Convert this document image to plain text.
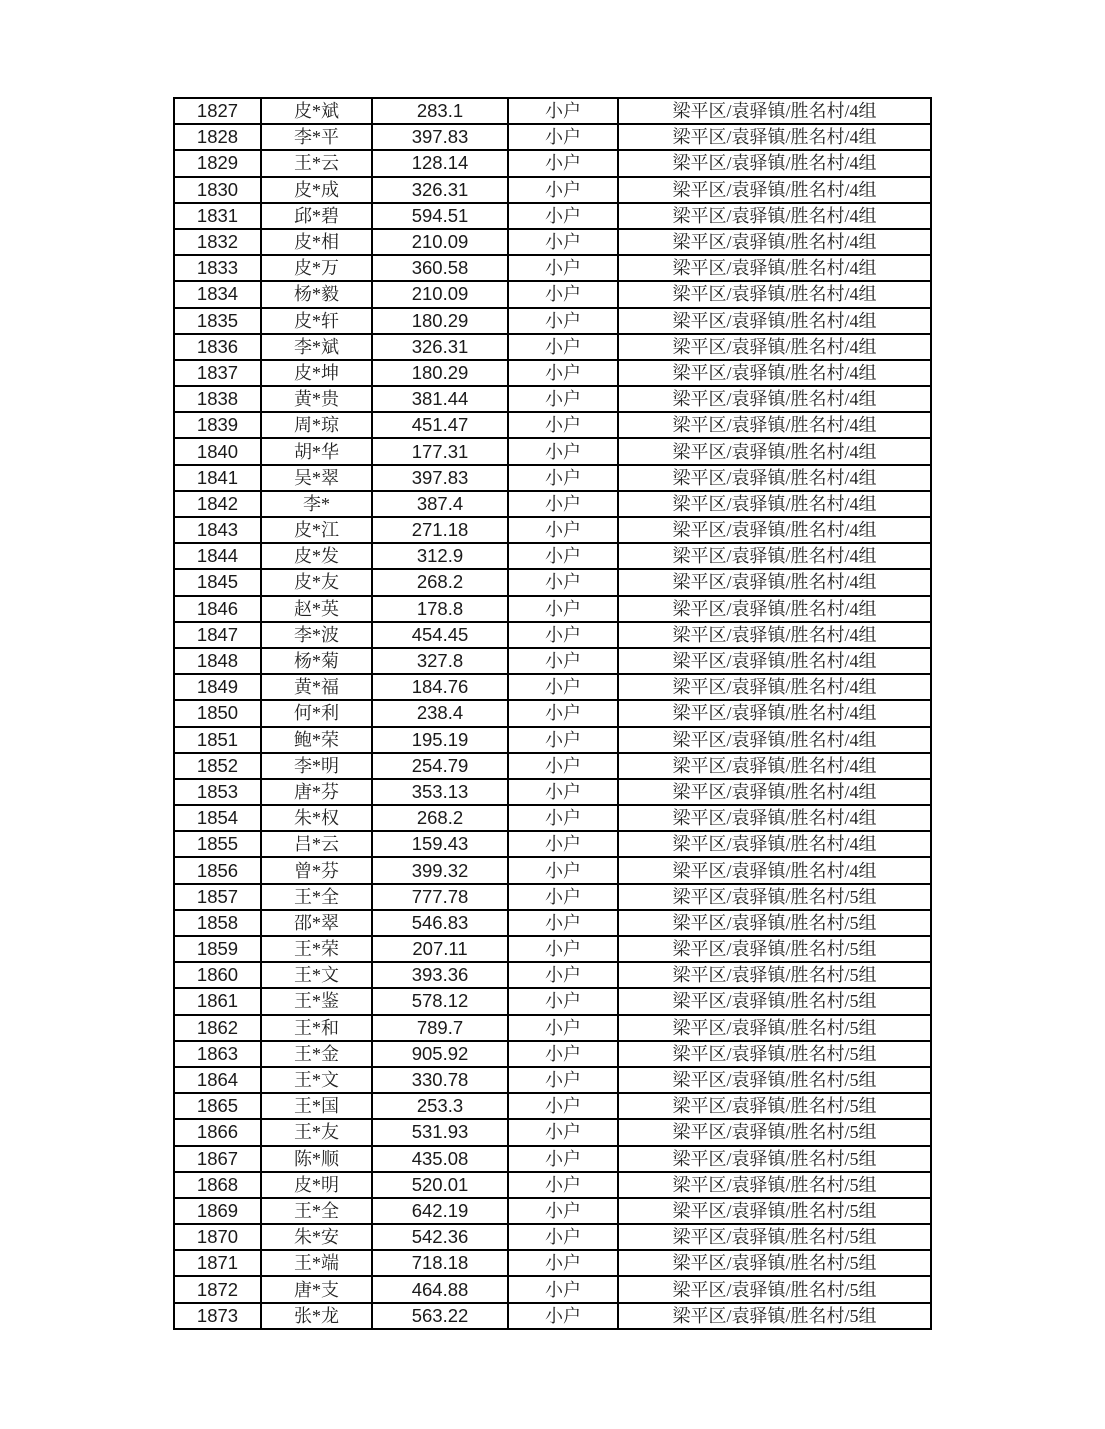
1827	皮*斌	283.1	小户	梁平区/袁驿镇/胜名村/4组
1828	李*平	397.83	小户	梁平区/袁驿镇/胜名村/4组
1829	王*云	128.14	小户	梁平区/袁驿镇/胜名村/4组
1830	皮*成	326.31	小户	梁平区/袁驿镇/胜名村/4组
1831	邱*碧	594.51	小户	梁平区/袁驿镇/胜名村/4组
1832	皮*相	210.09	小户	梁平区/袁驿镇/胜名村/4组
1833	皮*万	360.58	小户	梁平区/袁驿镇/胜名村/4组
1834	杨*毅	210.09	小户	梁平区/袁驿镇/胜名村/4组
1835	皮*轩	180.29	小户	梁平区/袁驿镇/胜名村/4组
1836	李*斌	326.31	小户	梁平区/袁驿镇/胜名村/4组
1837	皮*坤	180.29	小户	梁平区/袁驿镇/胜名村/4组
1838	黄*贵	381.44	小户	梁平区/袁驿镇/胜名村/4组
1839	周*琼	451.47	小户	梁平区/袁驿镇/胜名村/4组
1840	胡*华	177.31	小户	梁平区/袁驿镇/胜名村/4组
1841	吴*翠	397.83	小户	梁平区/袁驿镇/胜名村/4组
1842	李*	387.4	小户	梁平区/袁驿镇/胜名村/4组
1843	皮*江	271.18	小户	梁平区/袁驿镇/胜名村/4组
1844	皮*发	312.9	小户	梁平区/袁驿镇/胜名村/4组
1845	皮*友	268.2	小户	梁平区/袁驿镇/胜名村/4组
1846	赵*英	178.8	小户	梁平区/袁驿镇/胜名村/4组
1847	李*波	454.45	小户	梁平区/袁驿镇/胜名村/4组
1848	杨*菊	327.8	小户	梁平区/袁驿镇/胜名村/4组
1849	黄*福	184.76	小户	梁平区/袁驿镇/胜名村/4组
1850	何*利	238.4	小户	梁平区/袁驿镇/胜名村/4组
1851	鲍*荣	195.19	小户	梁平区/袁驿镇/胜名村/4组
1852	李*明	254.79	小户	梁平区/袁驿镇/胜名村/4组
1853	唐*芬	353.13	小户	梁平区/袁驿镇/胜名村/4组
1854	朱*权	268.2	小户	梁平区/袁驿镇/胜名村/4组
1855	吕*云	159.43	小户	梁平区/袁驿镇/胜名村/4组
1856	曾*芬	399.32	小户	梁平区/袁驿镇/胜名村/4组
1857	王*全	777.78	小户	梁平区/袁驿镇/胜名村/5组
1858	邵*翠	546.83	小户	梁平区/袁驿镇/胜名村/5组
1859	王*荣	207.11	小户	梁平区/袁驿镇/胜名村/5组
1860	王*文	393.36	小户	梁平区/袁驿镇/胜名村/5组
1861	王*鉴	578.12	小户	梁平区/袁驿镇/胜名村/5组
1862	王*和	789.7	小户	梁平区/袁驿镇/胜名村/5组
1863	王*金	905.92	小户	梁平区/袁驿镇/胜名村/5组
1864	王*文	330.78	小户	梁平区/袁驿镇/胜名村/5组
1865	王*国	253.3	小户	梁平区/袁驿镇/胜名村/5组
1866	王*友	531.93	小户	梁平区/袁驿镇/胜名村/5组
1867	陈*顺	435.08	小户	梁平区/袁驿镇/胜名村/5组
1868	皮*明	520.01	小户	梁平区/袁驿镇/胜名村/5组
1869	王*全	642.19	小户	梁平区/袁驿镇/胜名村/5组
1870	朱*安	542.36	小户	梁平区/袁驿镇/胜名村/5组
1871	王*端	718.18	小户	梁平区/袁驿镇/胜名村/5组
1872	唐*支	464.88	小户	梁平区/袁驿镇/胜名村/5组
1873	张*龙	563.22	小户	梁平区/袁驿镇/胜名村/5组
